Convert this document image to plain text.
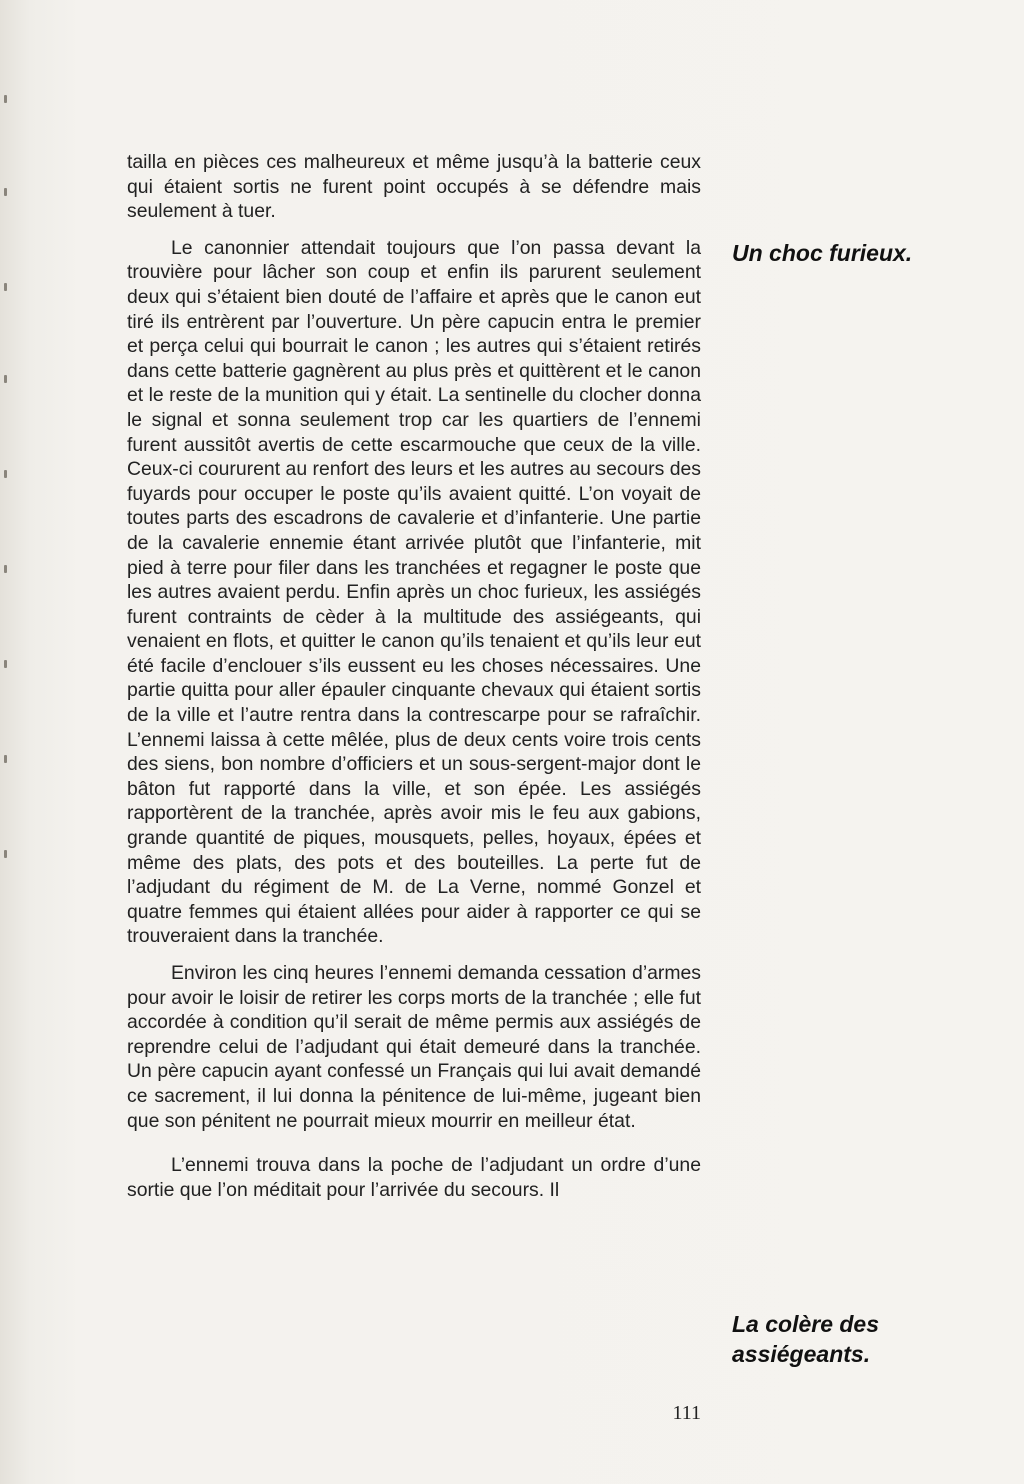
tailla en pièces ces malheureux et même jusqu’à la batterie ceux qui étaient sortis ne furent point occupés à se défendre mais seulement à tuer.

Le canonnier attendait toujours que l’on passa devant la trouvière pour lâcher son coup et enfin ils parurent seulement deux qui s’étaient bien douté de l’affaire et après que le canon eut tiré ils entrèrent par l’ouverture. Un père capucin entra le premier et perça celui qui bourrait le canon ; les autres qui s’étaient retirés dans cette batterie gagnèrent au plus près et quittèrent et le canon et le reste de la munition qui y était. La sentinelle du clocher donna le signal et sonna seulement trop car les quartiers de l’ennemi furent aussitôt avertis de cette escarmouche que ceux de la ville. Ceux-ci coururent au renfort des leurs et les autres au secours des fuyards pour occuper le poste qu’ils avaient quitté. L’on voyait de toutes parts des escadrons de cavalerie et d’infanterie. Une partie de la cavalerie ennemie étant arrivée plutôt que l’infanterie, mit pied à terre pour filer dans les tranchées et regagner le poste que les autres avaient perdu. Enfin après un choc furieux, les assiégés furent contraints de cèder à la multitude des assiégeants, qui venaient en flots, et quitter le canon qu’ils tenaient et qu’ils leur eut été facile d’enclouer s’ils eussent eu les choses nécessaires. Une partie quitta pour aller épauler cinquante chevaux qui étaient sortis de la ville et l’autre rentra dans la contrescarpe pour se rafraîchir. L’ennemi laissa à cette mêlée, plus de deux cents voire trois cents des siens, bon nombre d’officiers et un sous-sergent-major dont le bâton fut rapporté dans la ville, et son épée. Les assiégés rapportèrent de la tranchée, après avoir mis le feu aux gabions, grande quantité de piques, mousquets, pelles, hoyaux, épées et même des plats, des pots et des bouteilles. La perte fut de l’adjudant du régiment de M. de La Verne, nommé Gonzel et quatre femmes qui étaient allées pour aider à rapporter ce qui se trouveraient dans la tranchée.

Environ les cinq heures l’ennemi demanda cessation d’armes pour avoir le loisir de retirer les corps morts de la tranchée ; elle fut accordée à condition qu’il serait de même permis aux assiégés de reprendre celui de l’adjudant qui était demeuré dans la tranchée. Un père capucin ayant confessé un Français qui lui avait demandé ce sacrement, il lui donna la pénitence de lui-même, jugeant bien que son pénitent ne pourrait mieux mourrir en meilleur état.

L’ennemi trouva dans la poche de l’adjudant un ordre d’une sortie que l’on méditait pour l’arrivée du secours. Il

Un choc furieux.
La colère des
assiégeants.
111
